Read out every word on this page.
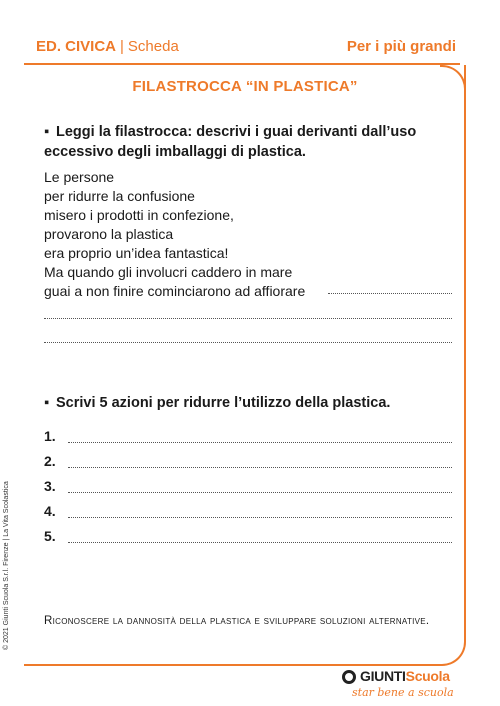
ED. CIVICA | Scheda	Per i più grandi
FILASTROCCA “IN PLASTICA”
▪ Leggi la filastrocca: descrivi i guai derivanti dall’uso eccessivo degli imballaggi di plastica.
Le persone
per ridurre la confusione
misero i prodotti in confezione,
provarono la plastica
era proprio un’idea fantastica!
Ma quando gli involucri caddero in mare
guai a non finire cominciarono ad affiorare
▪ Scrivi 5 azioni per ridurre l’utilizzo della plastica.
1.
2.
3.
4.
5.
Riconoscere la dannosità della plastica e sviluppare soluzioni alternative.
© 2021 Giunti Scuola S.r.l. Firenze | La Vita Scolastica
GIUNTIScuola
star bene a scuola
